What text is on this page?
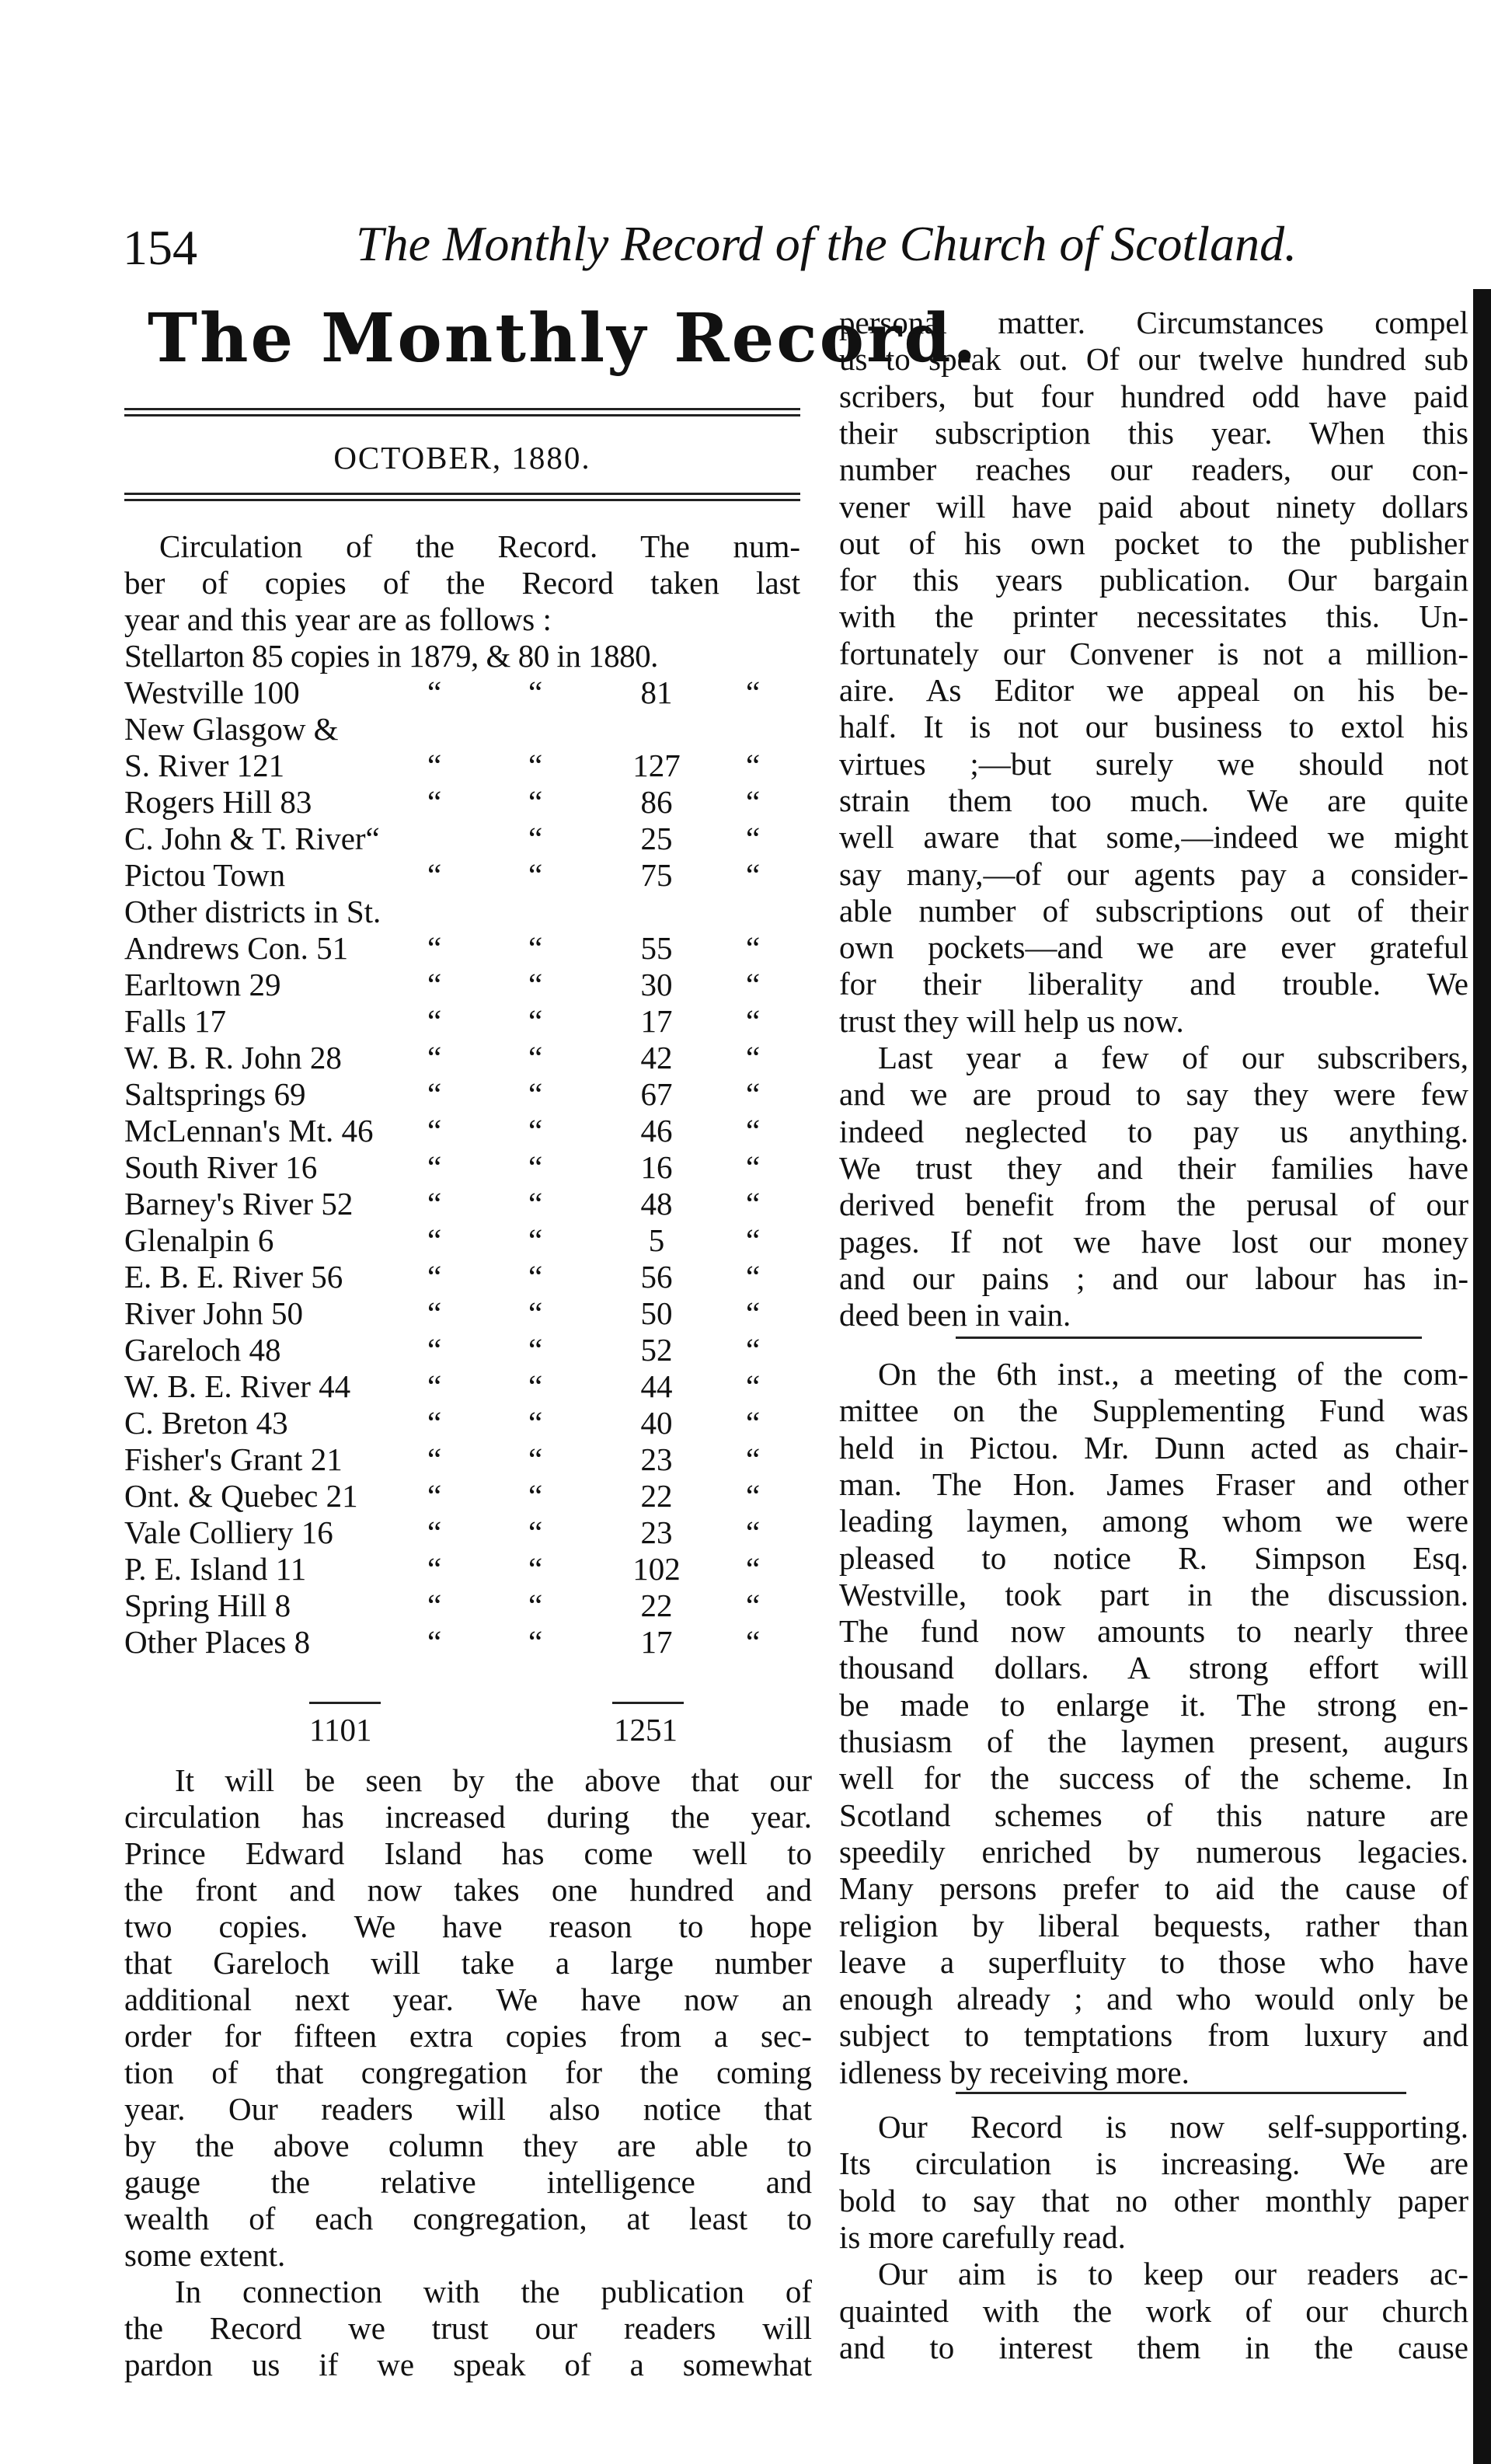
154	The Monthly Record of the Church of Scotland.
The Monthly Record.
OCTOBER, 1880.
Circulation of the Record. The num-
ber of copies of the Record taken last
year and this year are as follows :
Stellarton 85 copies in 1879, & 80 in 1880.
Westville 100	“	“	81	“
New Glasgow &
S. River 121	“	“	127	“
Rogers Hill 83	“	“	86	“
C. John & T. River“	“	25	“
Pictou Town	“	“	75	“
Other districts in St.
Andrews Con. 51 “	“	55	“
Earltown 29	“	“	30	“
Falls 17	“	“	17	“
W. B. R. John 28	“	“	42	“
Saltsprings 69	“	“	67	“
McLennan's Mt. 46 “	“	46	“
South River 16	“	“	16	“
Barney's River 52 “	“	48	“
Glenalpin 6	“	“	5	“
E. B. E. River 56	“	“	56	“
River John 50	“	“	50	“
Gareloch 48	“	“	52	“
W. B. E. River 44 “	“	44	“
C. Breton 43	“	“	40	“
Fisher's Grant 21	“	“	23	“
Ont. & Quebec 21 “	“	22	“
Vale Colliery 16	“	“	23	“
P. E. Island 11	“	“	102	“
Spring Hill 8	“	“	22	“
Other Places 8	“	“	17	“
1101	1251
It will be seen by the above that our
circulation has increased during the year.
Prince Edward Island has come well to
the front and now takes one hundred and
two copies. We have reason to hope
that Gareloch will take a large number
additional next year. We have now an
order for fifteen extra copies from a sec-
tion of that congregation for the coming
year. Our readers will also notice that
by the above column they are able to
gauge the relative intelligence and
wealth of each congregation, at least to
some extent.
In connection with the publication of
the Record we trust our readers will
pardon us if we speak of a somewhat
personal matter. Circumstances compel
us to speak out. Of our twelve hundred sub
scribers, but four hundred odd have paid
their subscription this year. When this
number reaches our readers, our con-
vener will have paid about ninety dollars
out of his own pocket to the publisher
for this years publication. Our bargain
with the printer necessitates this. Un-
fortunately our Convener is not a million-
aire. As Editor we appeal on his be-
half. It is not our business to extol his
virtues ;—but surely we should not
strain them too much. We are quite
well aware that some,—indeed we might
say many,—of our agents pay a consider-
able number of subscriptions out of their
own pockets—and we are ever grateful
for their liberality and trouble. We
trust they will help us now.
Last year a few of our subscribers,
and we are proud to say they were few
indeed neglected to pay us anything.
We trust they and their families have
derived benefit from the perusal of our
pages. If not we have lost our money
and our pains ; and our labour has in-
deed been in vain.
On the 6th inst., a meeting of the com-
mittee on the Supplementing Fund was
held in Pictou. Mr. Dunn acted as chair-
man. The Hon. James Fraser and other
leading laymen, among whom we were
pleased to notice R. Simpson Esq.
Westville, took part in the discussion.
The fund now amounts to nearly three
thousand dollars. A strong effort will
be made to enlarge it. The strong en-
thusiasm of the laymen present, augurs
well for the success of the scheme. In
Scotland schemes of this nature are
speedily enriched by numerous legacies.
Many persons prefer to aid the cause of
religion by liberal bequests, rather than
leave a superfluity to those who have
enough already ; and who would only be
subject to temptations from luxury and
idleness by receiving more.
Our Record is now self-supporting.
Its circulation is increasing. We are
bold to say that no other monthly paper
is more carefully read.
Our aim is to keep our readers ac-
quainted with the work of our church
and to interest them in the cause
